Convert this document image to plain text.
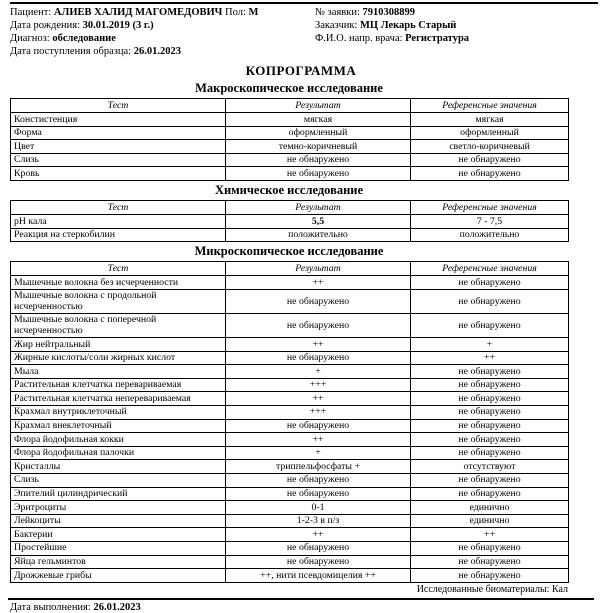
Пациент: АЛИЕВ ХАЛИД МАГОМЕДОВИЧ Пол: М
Дата рождения: 30.01.2019 (3 г.)
Диагноз: обследование
Дата поступления образца: 26.01.2023
№ заявки: 7910308899
Заказчик: МЦ Лекарь Старый
Ф.И.О. напр. врача: Регистратура
КОПРОГРАММА
Макроскопическое исследование
Тест	Результат	Референсные значения
Констистенция	мягкая	мягкая
Форма	оформленный	оформленный
Цвет	темно-коричневый	светло-коричневый
Слизь	не обнаружено	не обнаружено
Кровь	не обнаружено	не обнаружено
Химическое исследование
Тест	Результат	Референсные значения
pH кала	5,5	7 - 7,5
Реакция на стеркобилин	положительно	положительно
Микроскопическое исследование
Тест	Результат	Референсные значения
Мышечные волокна без исчерченности	++	не обнаружено
Мышечные волокна с продольной исчерченностью	не обнаружено	не обнаружено
Мышечные волокна с поперечной исчерченностью	не обнаружено	не обнаружено
Жир нейтральный	++	+
Жирные кислоты/соли жирных кислот	не обнаружено	++
Мыла	+	не обнаружено
Растительная клетчатка перевариваемая	+++	не обнаружено
Растительная клетчатка неперевариваемая	++	не обнаружено
Крахмал внутриклеточный	+++	не обнаружено
Крахмал внеклеточный	не обнаружено	не обнаружено
Флора йодофильная кокки	++	не обнаружено
Флора йодофильная палочки	+	не обнаружено
Кристаллы	триппельфосфаты +	отсутствуют
Слизь	не обнаружено	не обнаружено
Эпителий цилиндрический	не обнаружено	не обнаружено
Эритроциты	0-1	единично
Лейкоциты	1-2-3 в п/з	единично
Бактерии	++	++
Простейшие	не обнаружено	не обнаружено
Яйца гельминтов	не обнаружено	не обнаружено
Дрожжевые грибы	++, нити псевдомицелия ++	не обнаружено
Исследованные биоматериалы: Кал
Дата выполнения: 26.01.2023
